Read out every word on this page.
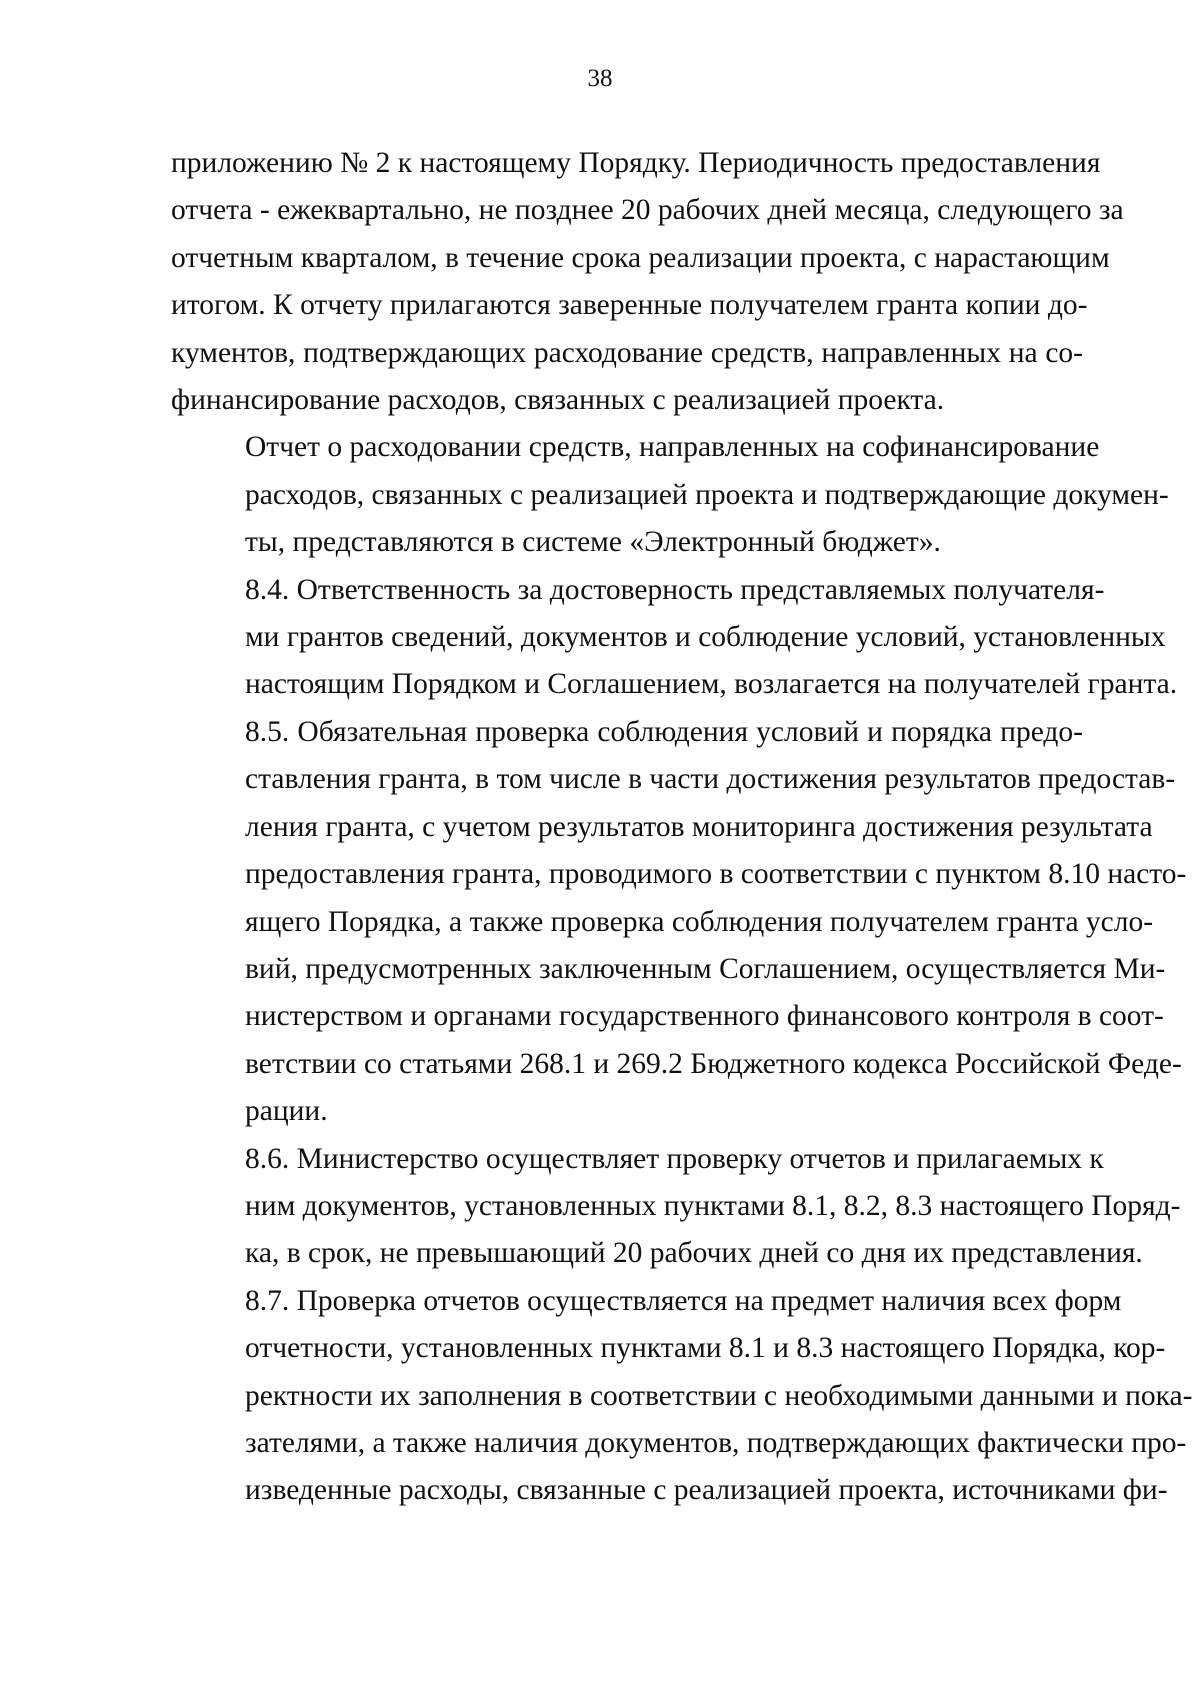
38

приложению № 2 к настоящему Порядку. Периодичность предоставления
отчета - ежеквартально, не позднее 20 рабочих дней месяца, следующего за
отчетным кварталом, в течение срока реализации проекта, с нарастающим
итогом. К отчету прилагаются заверенные получателем гранта копии до-
кументов, подтверждающих расходование средств, направленных на со-
финансирование расходов, связанных с реализацией проекта.

Отчет о расходовании средств, направленных на софинансирование
расходов, связанных с реализацией проекта и подтверждающие докумен-
ты, представляются в системе «Электронный бюджет».

8.4. Ответственность за достоверность представляемых получателя-
ми грантов сведений, документов и соблюдение условий, установленных
настоящим Порядком и Соглашением, возлагается на получателей гранта.

8.5. Обязательная проверка соблюдения условий и порядка предо-
ставления гранта, в том числе в части достижения результатов предостав-
ления гранта, с учетом результатов мониторинга достижения результата
предоставления гранта, проводимого в соответствии с пунктом 8.10 насто-
ящего Порядка, а также проверка соблюдения получателем гранта усло-
вий, предусмотренных заключенным Соглашением, осуществляется Ми-
нистерством и органами государственного финансового контроля в соот-
ветствии со статьями 268.1 и 269.2 Бюджетного кодекса Российской Феде-
рации.

8.6. Министерство осуществляет проверку отчетов и прилагаемых к
ним документов, установленных пунктами 8.1, 8.2, 8.3 настоящего Поряд-
ка, в срок, не превышающий 20 рабочих дней со дня их представления.

8.7. Проверка отчетов осуществляется на предмет наличия всех форм
отчетности, установленных пунктами 8.1 и 8.3 настоящего Порядка, кор-
ректности их заполнения в соответствии с необходимыми данными и пока-
зателями, а также наличия документов, подтверждающих фактически про-
изведенные расходы, связанные с реализацией проекта, источниками фи-
